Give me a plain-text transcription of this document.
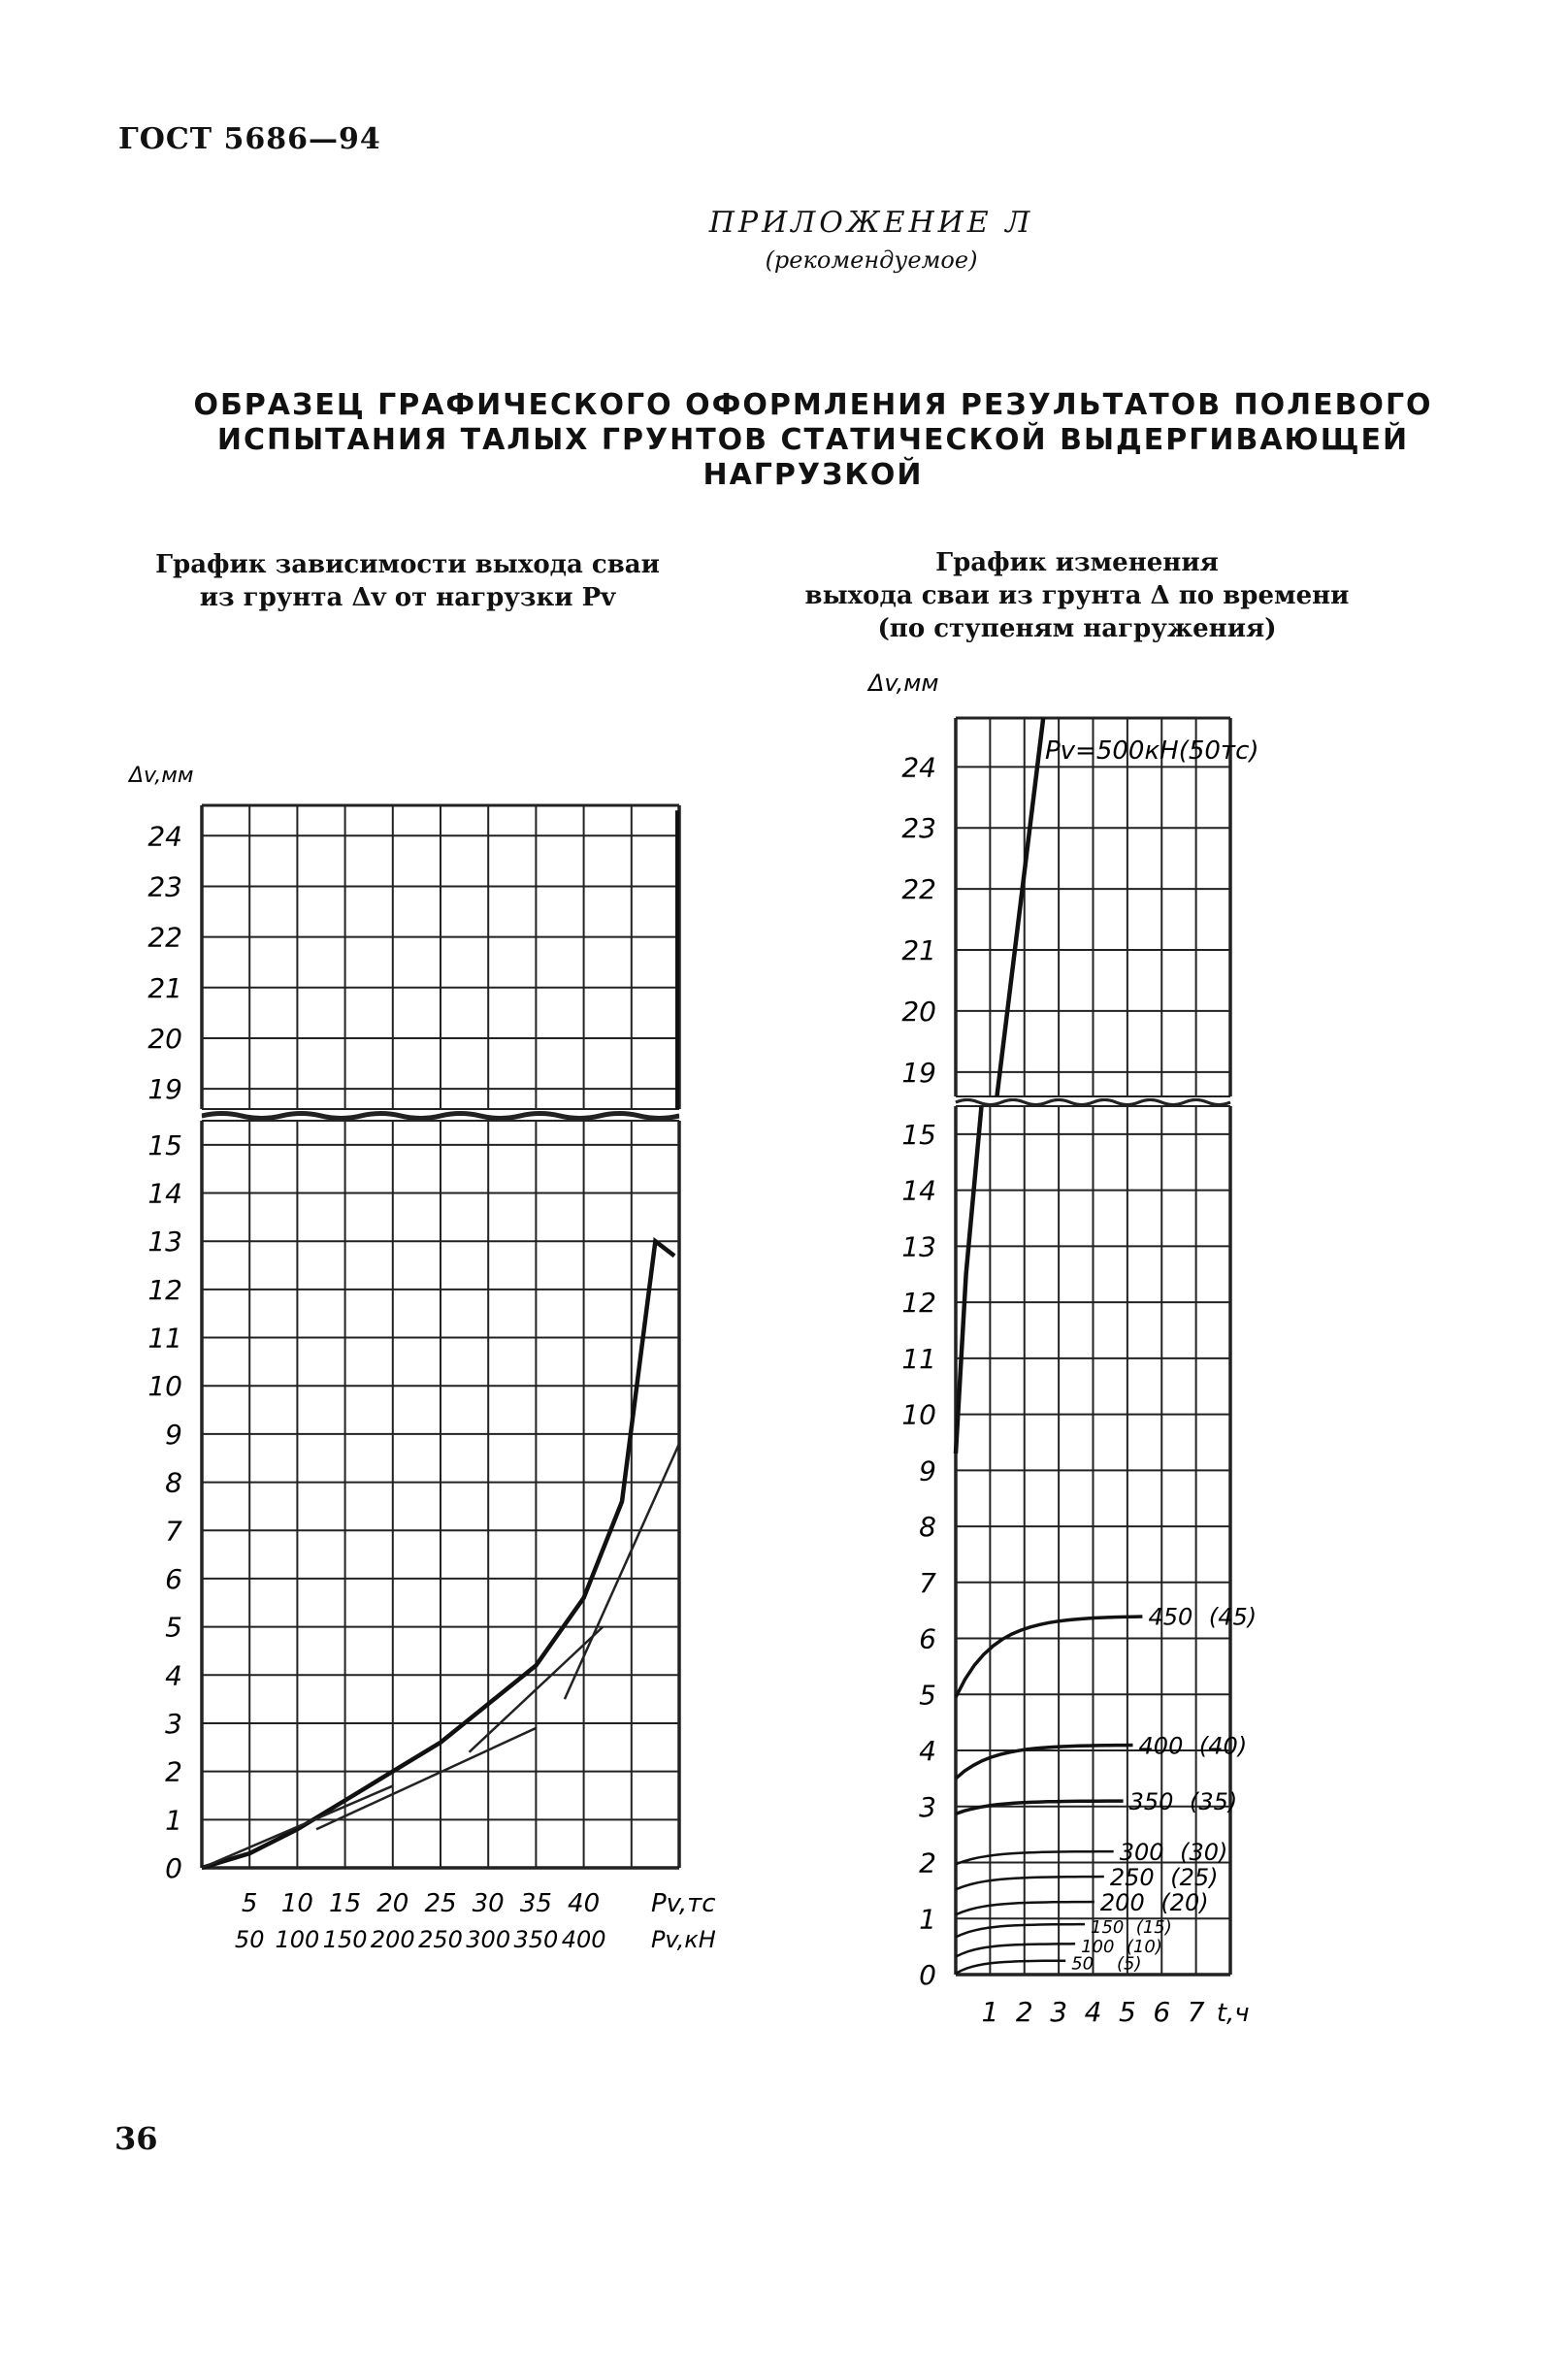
ГОСТ 5686—94
ПРИЛОЖЕНИЕ Л
(рекомендуемое)
ОБРАЗЕЦ ГРАФИЧЕСКОГО ОФОРМЛЕНИЯ РЕЗУЛЬТАТОВ ПОЛЕВОГО
ИСПЫТАНИЯ ТАЛЫХ ГРУНТОВ СТАТИЧЕСКОЙ ВЫДЕРГИВАЮЩЕЙ
НАГРУЗКОЙ
График зависимости выхода сваи
из грунта Δv от нагрузки Pv
График изменения
выхода сваи из грунта Δ по времени
(по ступеням нагружения)
0
1
2
3
4
5
6
7
8
9
10
11
12
13
14
15
19
20
21
22
23
24
Δv,мм
5 10 15 20 25 30 35 40
50 100 150 200 250 300 350 400
Pv,тс
Pv,кН
0
1
2
3
4
5
6
7
8
9
10
11
12
13
14
15
19
20
21
22
23
24
Δv,мм
1 2 3 4 5 6 7 t,ч
50 (5)
100 (10)
150 (15)
200 (20)
250 (25)
300 (30)
350 (35)
400 (40)
450 (45)
Pv=500кН(50тс)
36
